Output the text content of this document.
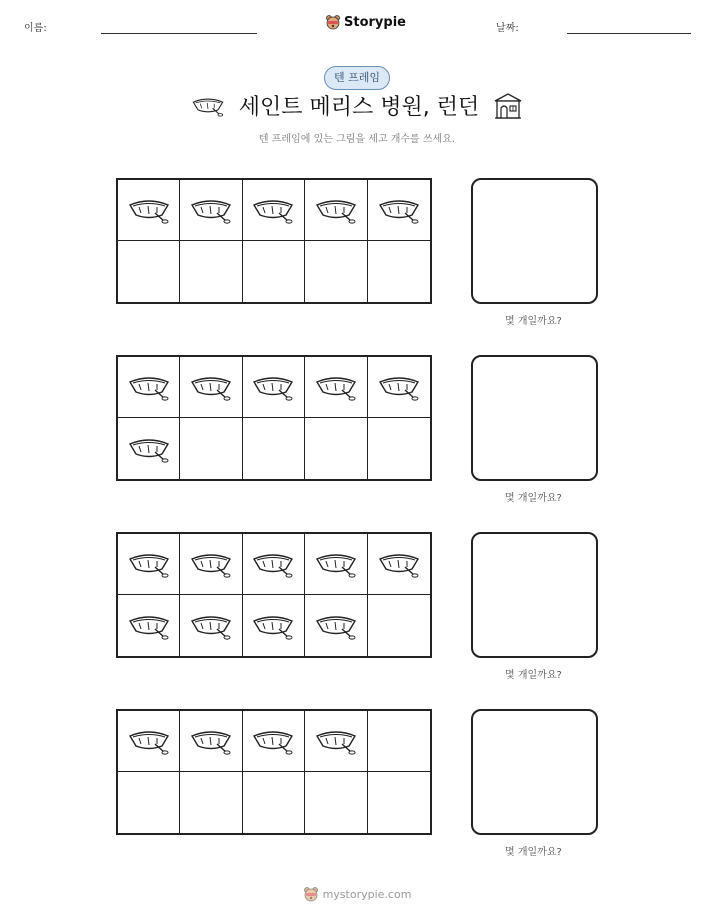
이름:	Storypie	날짜:
텐 프레임
세인트 메리스 병원, 런던
텐 프레임에 있는 그림을 세고 개수를 쓰세요.
몇 개일까요?
몇 개일까요?
몇 개일까요?
몇 개일까요?
mystorypie.com
